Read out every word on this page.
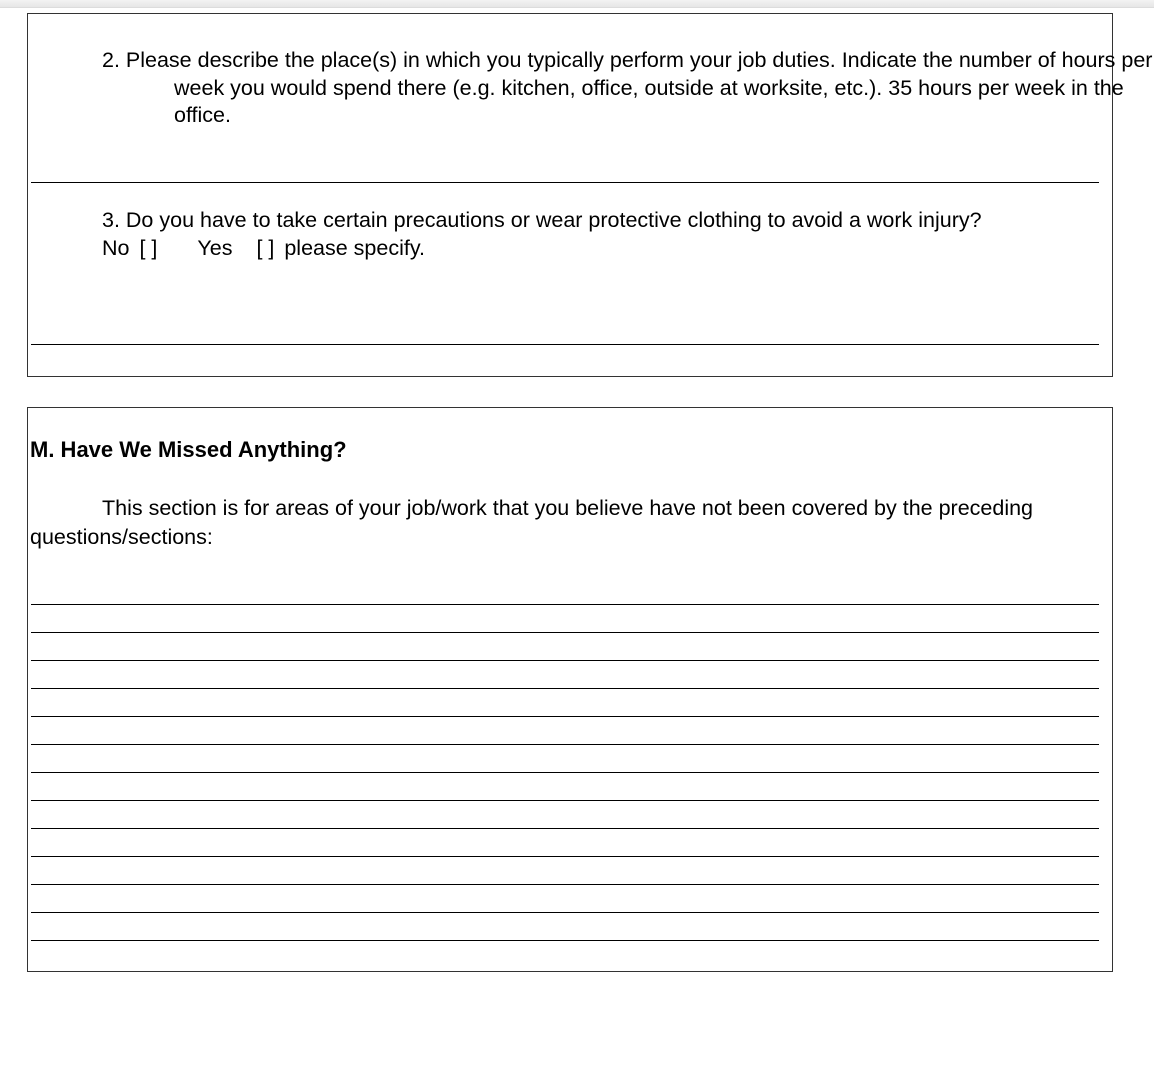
2. Please describe the place(s) in which you typically perform your job duties. Indicate the number of hours per week you would spend there (e.g. kitchen, office, outside at worksite, etc.). 35 hours per week in the office.

3. Do you have to take certain precautions or wear protective clothing to avoid a work injury?

No [ ] Yes [ ] please specify.

M. Have We Missed Anything?

This section is for areas of your job/work that you believe have not been covered by the preceding questions/sections:
